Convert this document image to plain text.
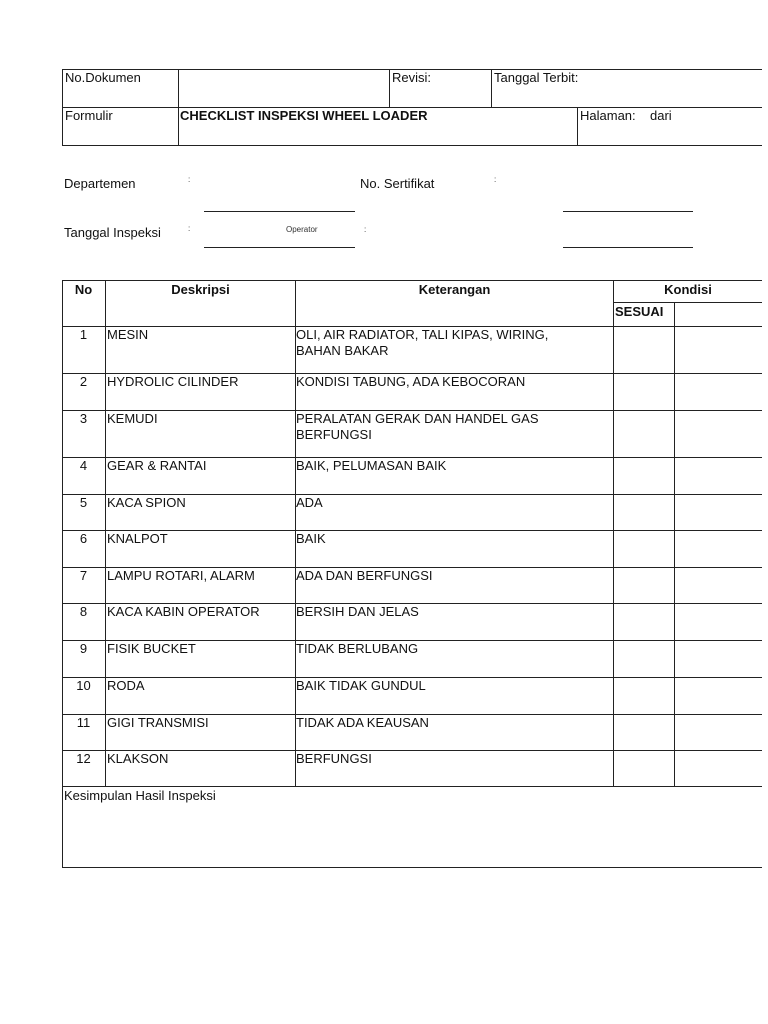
No.Dokumen	Revisi:	Tanggal Terbit:
Formulir	CHECKLIST INSPEKSI WHEEL LOADER	Halaman: dari
Departemen	:	No. Sertifikat	:
Tanggal Inspeksi	:	Operator	:
No	Deskripsi	Keterangan	Kondisi
SESUAI
1	MESIN	OLI, AIR RADIATOR, TALI KIPAS, WIRING,
BAHAN BAKAR
2	HYDROLIC CILINDER	KONDISI TABUNG, ADA KEBOCORAN
3	KEMUDI	PERALATAN GERAK DAN HANDEL GAS
BERFUNGSI
4	GEAR & RANTAI	BAIK, PELUMASAN BAIK
5	KACA SPION	ADA
6	KNALPOT	BAIK
7	LAMPU ROTARI, ALARM	ADA DAN BERFUNGSI
8	KACA KABIN OPERATOR	BERSIH DAN JELAS
9	FISIK BUCKET	TIDAK BERLUBANG
10	RODA	BAIK TIDAK GUNDUL
11	GIGI TRANSMISI	TIDAK ADA KEAUSAN
12	KLAKSON	BERFUNGSI
Kesimpulan Hasil Inspeksi
